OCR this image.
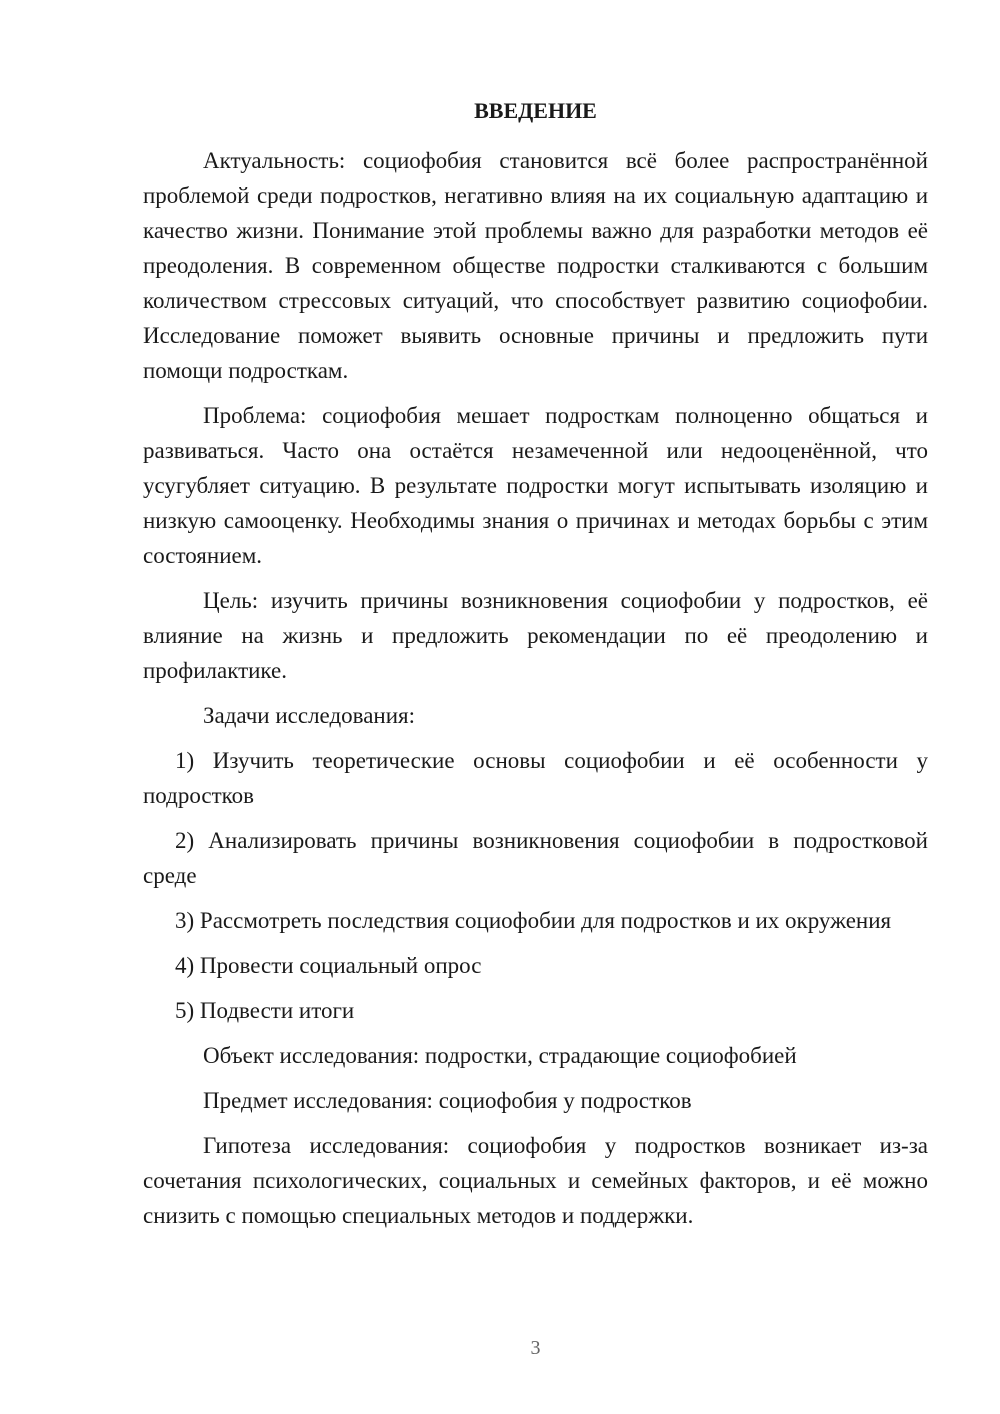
ВВЕДЕНИЕ

Актуальность: социофобия становится всё более распространённой проблемой среди подростков, негативно влияя на их социальную адаптацию и качество жизни. Понимание этой проблемы важно для разработки методов её преодоления. В современном обществе подростки сталкиваются с большим количеством стрессовых ситуаций, что способствует развитию социофобии. Исследование поможет выявить основные причины и предложить пути помощи подросткам.

Проблема: социофобия мешает подросткам полноценно общаться и развиваться. Часто она остаётся незамеченной или недооценённой, что усугубляет ситуацию. В результате подростки могут испытывать изоляцию и низкую самооценку. Необходимы знания о причинах и методах борьбы с этим состоянием.

Цель: изучить причины возникновения социофобии у подростков, её влияние на жизнь и предложить рекомендации по её преодолению и профилактике.

Задачи исследования:

1) Изучить теоретические основы социофобии и её особенности у подростков

2) Анализировать причины возникновения социофобии в подростковой среде

3) Рассмотреть последствия социофобии для подростков и их окружения

4) Провести социальный опрос

5) Подвести итоги

Объект исследования: подростки, страдающие социофобией

Предмет исследования: социофобия у подростков

Гипотеза исследования: социофобия у подростков возникает из-за сочетания психологических, социальных и семейных факторов, и её можно снизить с помощью специальных методов и поддержки.

3
